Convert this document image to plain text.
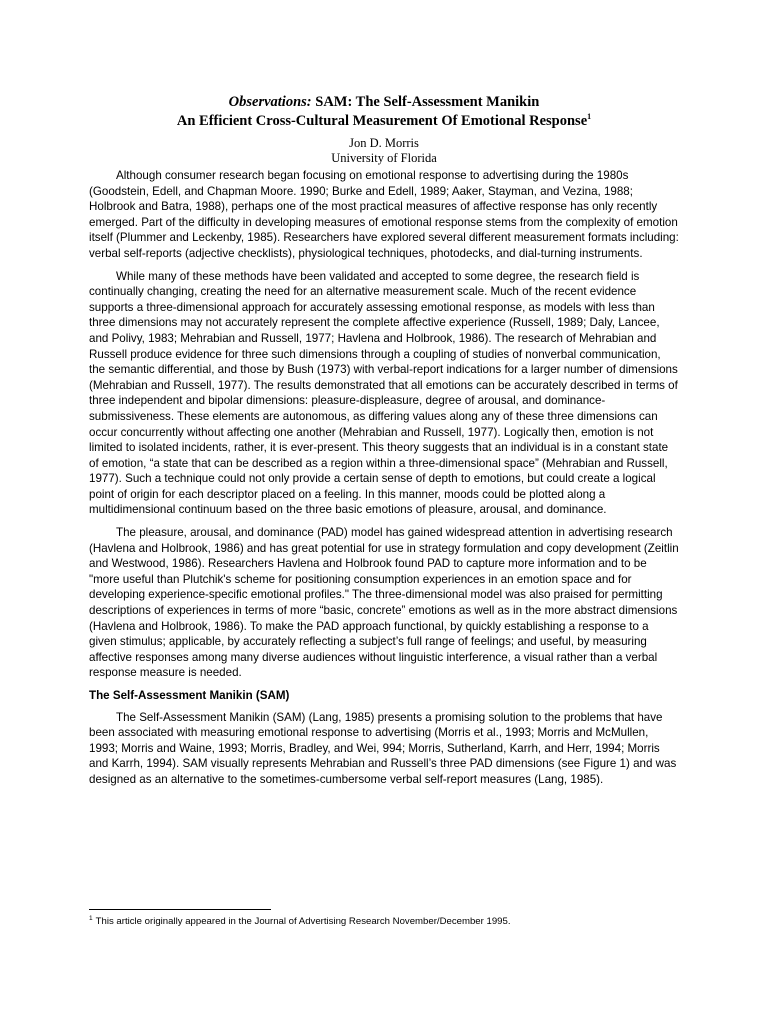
Observations: SAM: The Self-Assessment Manikin
An Efficient Cross-Cultural Measurement Of Emotional Response$^1$
Jon D. Morris
University of Florida

Although consumer research began focusing on emotional response to advertising during the 1980s (Goodstein, Edell, and Chapman Moore. 1990; Burke and Edell, 1989; Aaker, Stayman, and Vezina, 1988; Holbrook and Batra, 1988), perhaps one of the most practical measures of affective response has only recently emerged. Part of the difficulty in developing measures of emotional response stems from the complexity of emotion itself (Plummer and Leckenby, 1985). Researchers have explored several different measurement formats including: verbal self-reports (adjective checklists), physiological techniques, photodecks, and dial-turning instruments.

While many of these methods have been validated and accepted to some degree, the research field is continually changing, creating the need for an alternative measurement scale. Much of the recent evidence supports a three-dimensional approach for accurately assessing emotional response, as models with less than three dimensions may not accurately represent the complete affective experience (Russell, 1989; Daly, Lancee, and Polivy, 1983; Mehrabian and Russell, 1977; Havlena and Holbrook, 1986). The research of Mehrabian and Russell produce evidence for three such dimensions through a coupling of studies of nonverbal communication, the semantic differential, and those by Bush (1973) with verbal-report indications for a larger number of dimensions (Mehrabian and Russell, 1977). The results demonstrated that all emotions can be accurately described in terms of three independent and bipolar dimensions: pleasure-displeasure, degree of arousal, and dominance-submissiveness. These elements are autonomous, as differing values along any of these three dimensions can occur concurrently without affecting one another (Mehrabian and Russell, 1977). Logically then, emotion is not limited to isolated incidents, rather, it is ever-present. This theory suggests that an individual is in a constant state of emotion, “a state that can be described as a region within a three-dimensional space” (Mehrabian and Russell, 1977). Such a technique could not only provide a certain sense of depth to emotions, but could create a logical point of origin for each descriptor placed on a feeling. In this manner, moods could be plotted along a multidimensional continuum based on the three basic emotions of pleasure, arousal, and dominance.

The pleasure, arousal, and dominance (PAD) model has gained widespread attention in advertising research (Havlena and Holbrook, 1986) and has great potential for use in strategy formulation and copy development (Zeitlin and Westwood, 1986). Researchers Havlena and Holbrook found PAD to capture more information and to be "more useful than Plutchik's scheme for positioning consumption experiences in an emotion space and for developing experience-specific emotional profiles." The three-dimensional model was also praised for permitting descriptions of experiences in terms of more “basic, concrete” emotions as well as in the more abstract dimensions (Havlena and Holbrook, 1986). To make the PAD approach functional, by quickly establishing a response to a given stimulus; applicable, by accurately reflecting a subject’s full range of feelings; and useful, by measuring affective responses among many diverse audiences without linguistic interference, a visual rather than a verbal response measure is needed.

The Self-Assessment Manikin (SAM)

The Self-Assessment Manikin (SAM) (Lang, 1985) presents a promising solution to the problems that have been associated with measuring emotional response to advertising (Morris et al., 1993; Morris and McMullen, 1993; Morris and Waine, 1993; Morris, Bradley, and Wei, 994; Morris, Sutherland, Karrh, and Herr, 1994; Morris and Karrh, 1994). SAM visually represents Mehrabian and Russell’s three PAD dimensions (see Figure 1) and was designed as an alternative to the sometimes-cumbersome verbal self-report measures (Lang, 1985).

$^1$ This article originally appeared in the Journal of Advertising Research November/December 1995.
